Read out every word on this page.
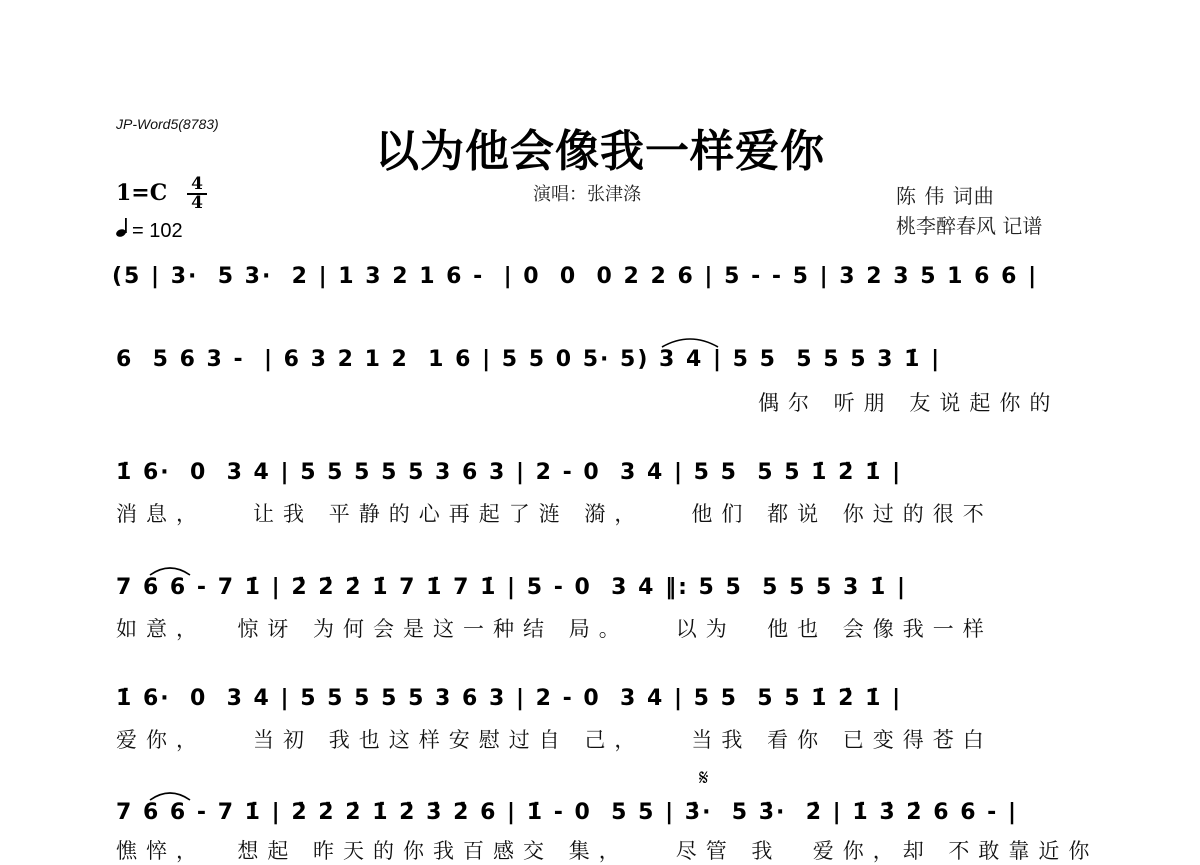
JP-Word5(8783)
以为他会像我一样爱你
1=C 4
4
= 102
演唱：张津涤	陈 伟 词曲
桃李醉春风 记谱
(5 | 3·  5 3·  2 | 1 3 2 1 6 -  | 0  0  0 2 2 6 | 5 - - 5 | 3 2 3 5 1 6 6 |
6  5 6 3 -  | 6 3 2 1 2  1 6 | 5 5 0 5· 5) 3 4 | 5 5  5 5 5 3 1̇ |
偶尔 听朋 友说起你的
1̇ 6·  0  3 4 | 5 5 5 5 5 3 6 3 | 2 - 0  3 4 | 5 5  5 5 1̇ 2̇ 1̇ |
消息，   让我 平静的心再起了涟 漪，   他们 都说 你过的很不
7 6 6 - 7 1̇ | 2̇ 2̇ 2̇ 1̇ 7 1̇ 7 1̇ | 5 - 0  3 4 ‖: 5 5  5 5 5 3 1̇ |
如意，  惊讶 为何会是这一种结 局。   以为  他也 会像我一样
1̇ 6·  0  3 4 | 5 5 5 5 5 3 6 3 | 2 - 0  3 4 | 5 5  5 5 1̇ 2̇ 1̇ |
爱你，   当初 我也这样安慰过自 己，   当我 看你 已变得苍白
𝄋
7 6 6 - 7 1̇ | 2̇ 2̇ 2̇ 1̇ 2̇ 3̇ 2̇ 6 | 1̇ - 0  5 5 | 3̇·  5 3̇·  2̇ | 1̇ 3̇ 2̇ 6 6 - |
憔悴，  想起 昨天的你我百感交 集，   尽管 我  爱你，却 不敢靠近你
